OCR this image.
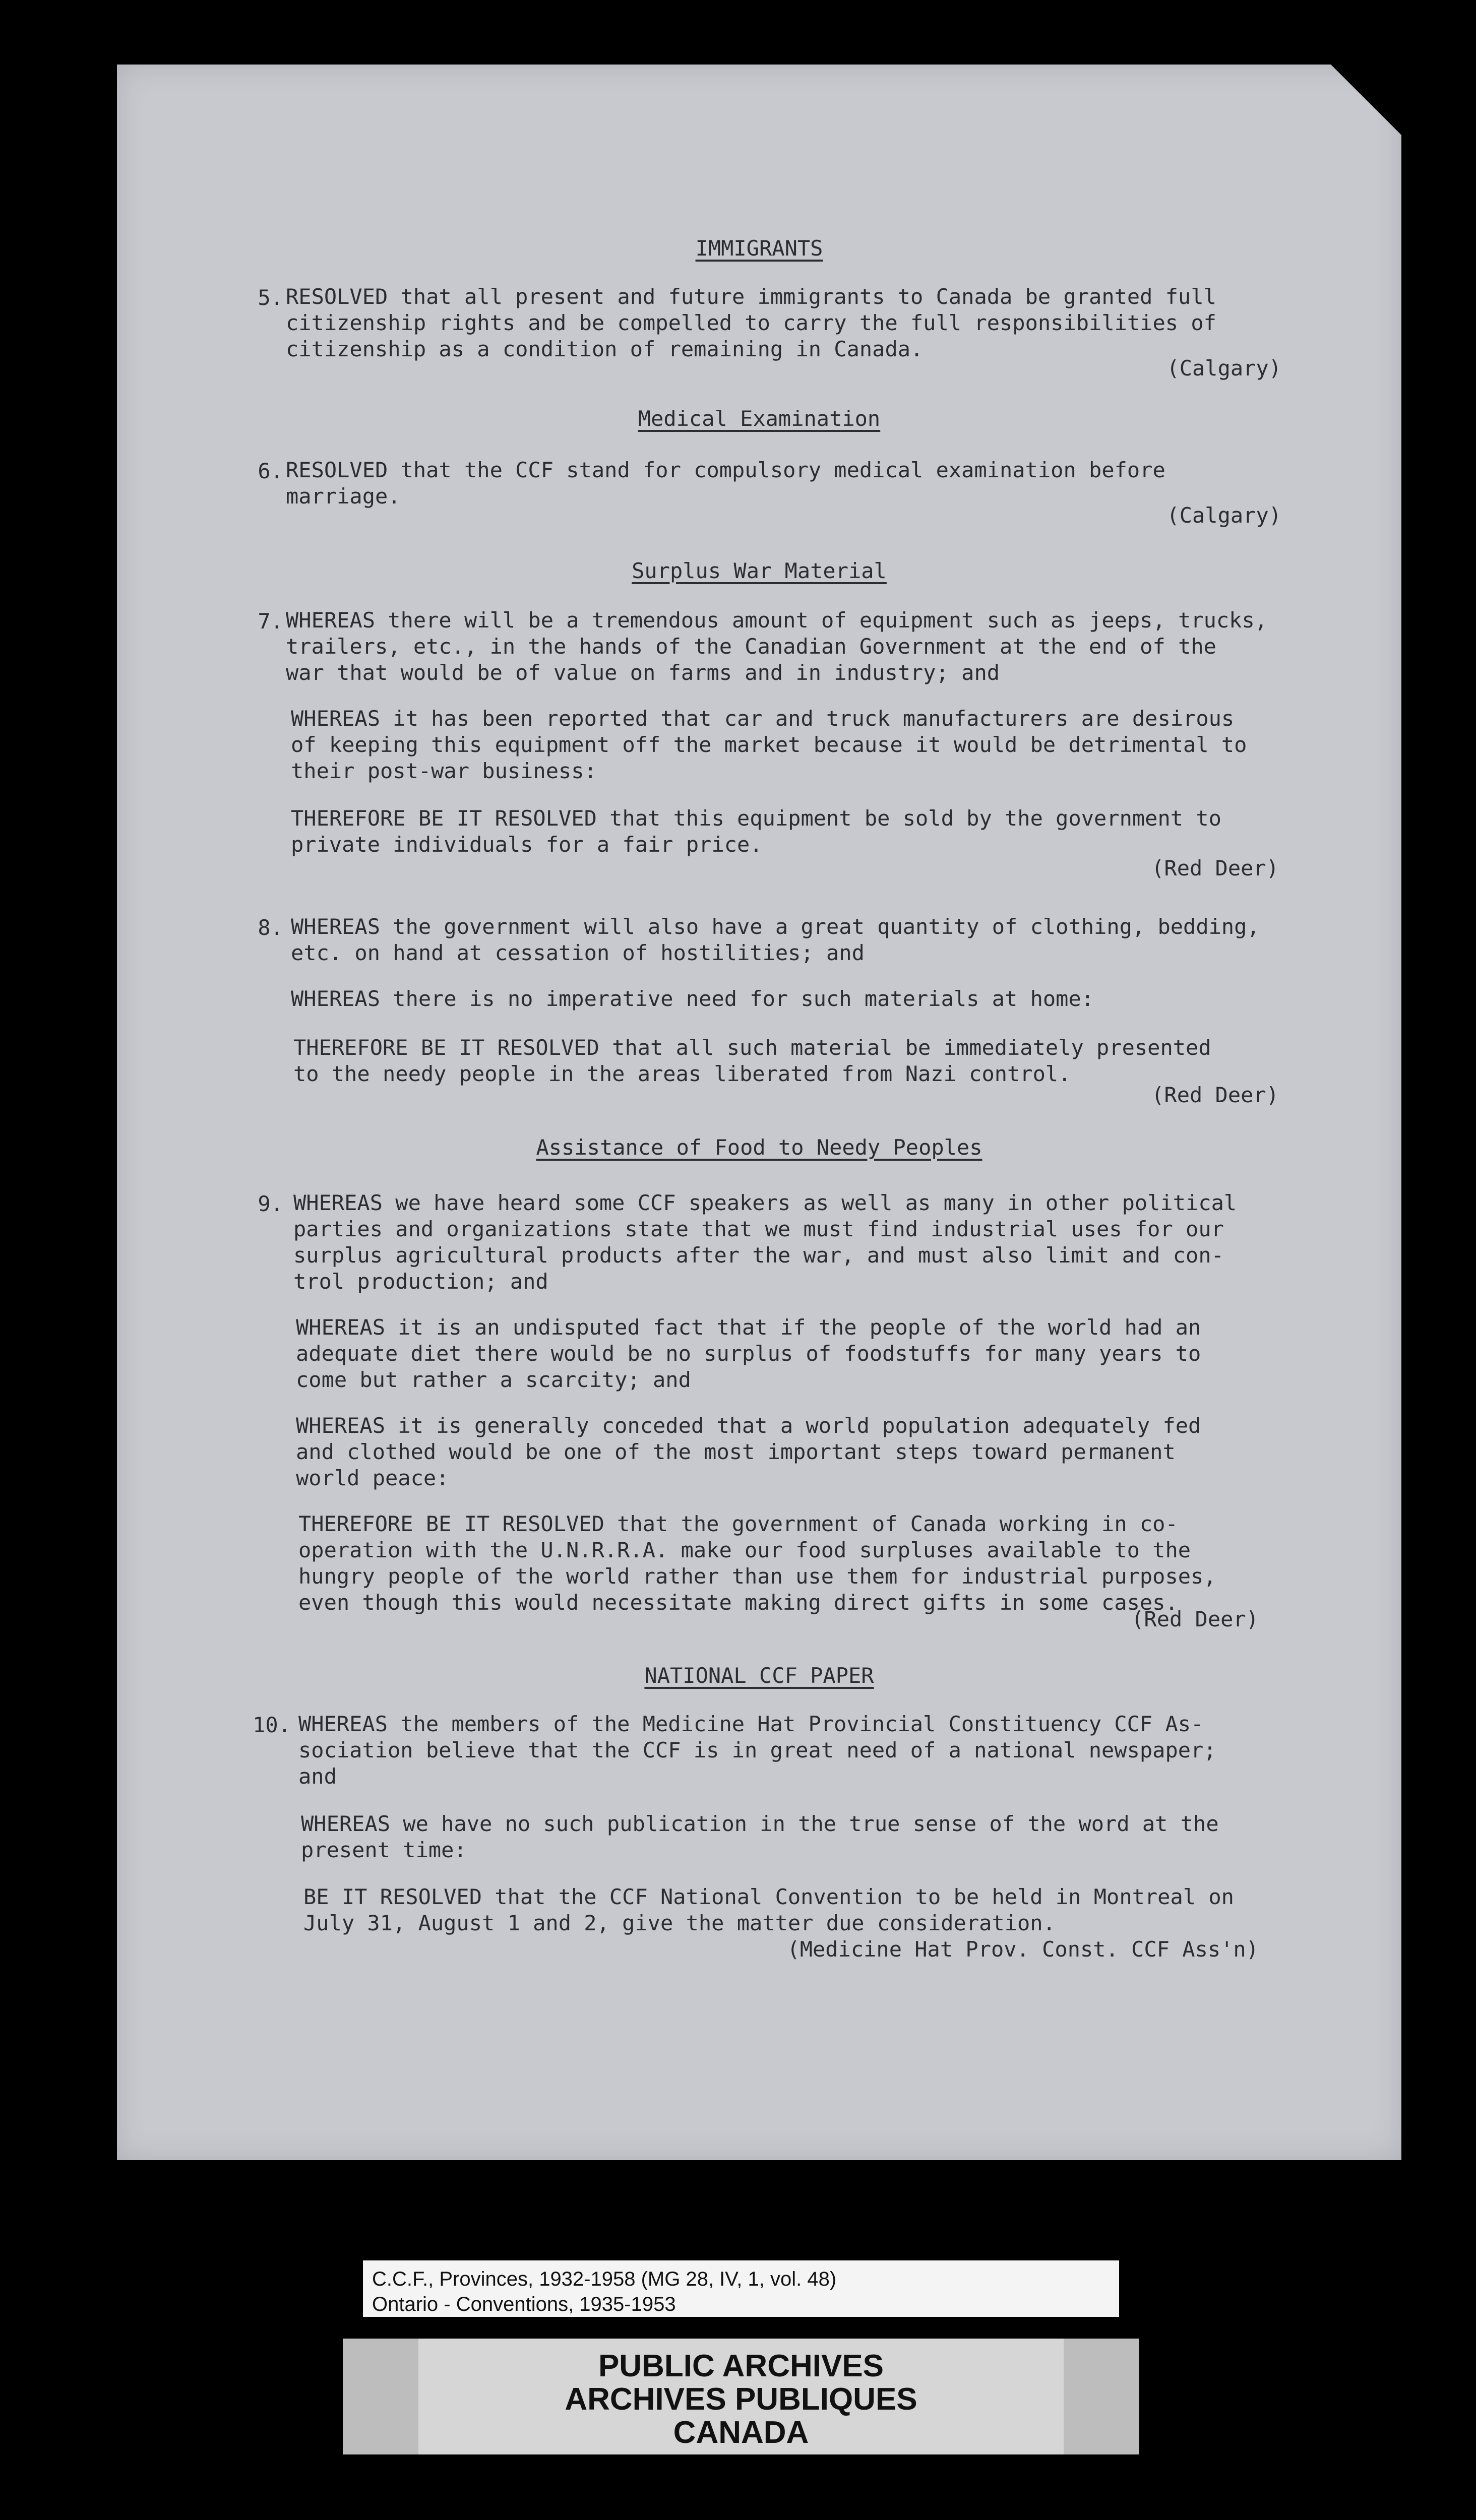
IMMIGRANTS
5. RESOLVED that all present and future immigrants to Canada be granted full
citizenship rights and be compelled to carry the full responsibilities of
citizenship as a condition of remaining in Canada.
(Calgary)
Medical Examination
6. RESOLVED that the CCF stand for compulsory medical examination before
marriage.
(Calgary)
Surplus War Material
7. WHEREAS there will be a tremendous amount of equipment such as jeeps, trucks,
trailers, etc., in the hands of the Canadian Government at the end of the
war that would be of value on farms and in industry; and
WHEREAS it has been reported that car and truck manufacturers are desirous
of keeping this equipment off the market because it would be detrimental to
their post-war business:
THEREFORE BE IT RESOLVED that this equipment be sold by the government to
private individuals for a fair price.
(Red Deer)
8. WHEREAS the government will also have a great quantity of clothing, bedding,
etc. on hand at cessation of hostilities; and
WHEREAS there is no imperative need for such materials at home:
THEREFORE BE IT RESOLVED that all such material be immediately presented
to the needy people in the areas liberated from Nazi control.
(Red Deer)
Assistance of Food to Needy Peoples
9. WHEREAS we have heard some CCF speakers as well as many in other political
parties and organizations state that we must find industrial uses for our
surplus agricultural products after the war, and must also limit and con-
trol production; and
WHEREAS it is an undisputed fact that if the people of the world had an
adequate diet there would be no surplus of foodstuffs for many years to
come but rather a scarcity; and
WHEREAS it is generally conceded that a world population adequately fed
and clothed would be one of the most important steps toward permanent
world peace:
THEREFORE BE IT RESOLVED that the government of Canada working in co-
operation with the U.N.R.R.A. make our food surpluses available to the
hungry people of the world rather than use them for industrial purposes,
even though this would necessitate making direct gifts in some cases.
(Red Deer)
NATIONAL CCF PAPER
10. WHEREAS the members of the Medicine Hat Provincial Constituency CCF As-
sociation believe that the CCF is in great need of a national newspaper;
and
WHEREAS we have no such publication in the true sense of the word at the
present time:
BE IT RESOLVED that the CCF National Convention to be held in Montreal on
July 31, August 1 and 2, give the matter due consideration.
(Medicine Hat Prov. Const. CCF Ass'n)
C.C.F., Provinces, 1932-1958 (MG 28, IV, 1, vol. 48)
Ontario - Conventions, 1935-1953
PUBLIC ARCHIVES
ARCHIVES PUBLIQUES
CANADA
